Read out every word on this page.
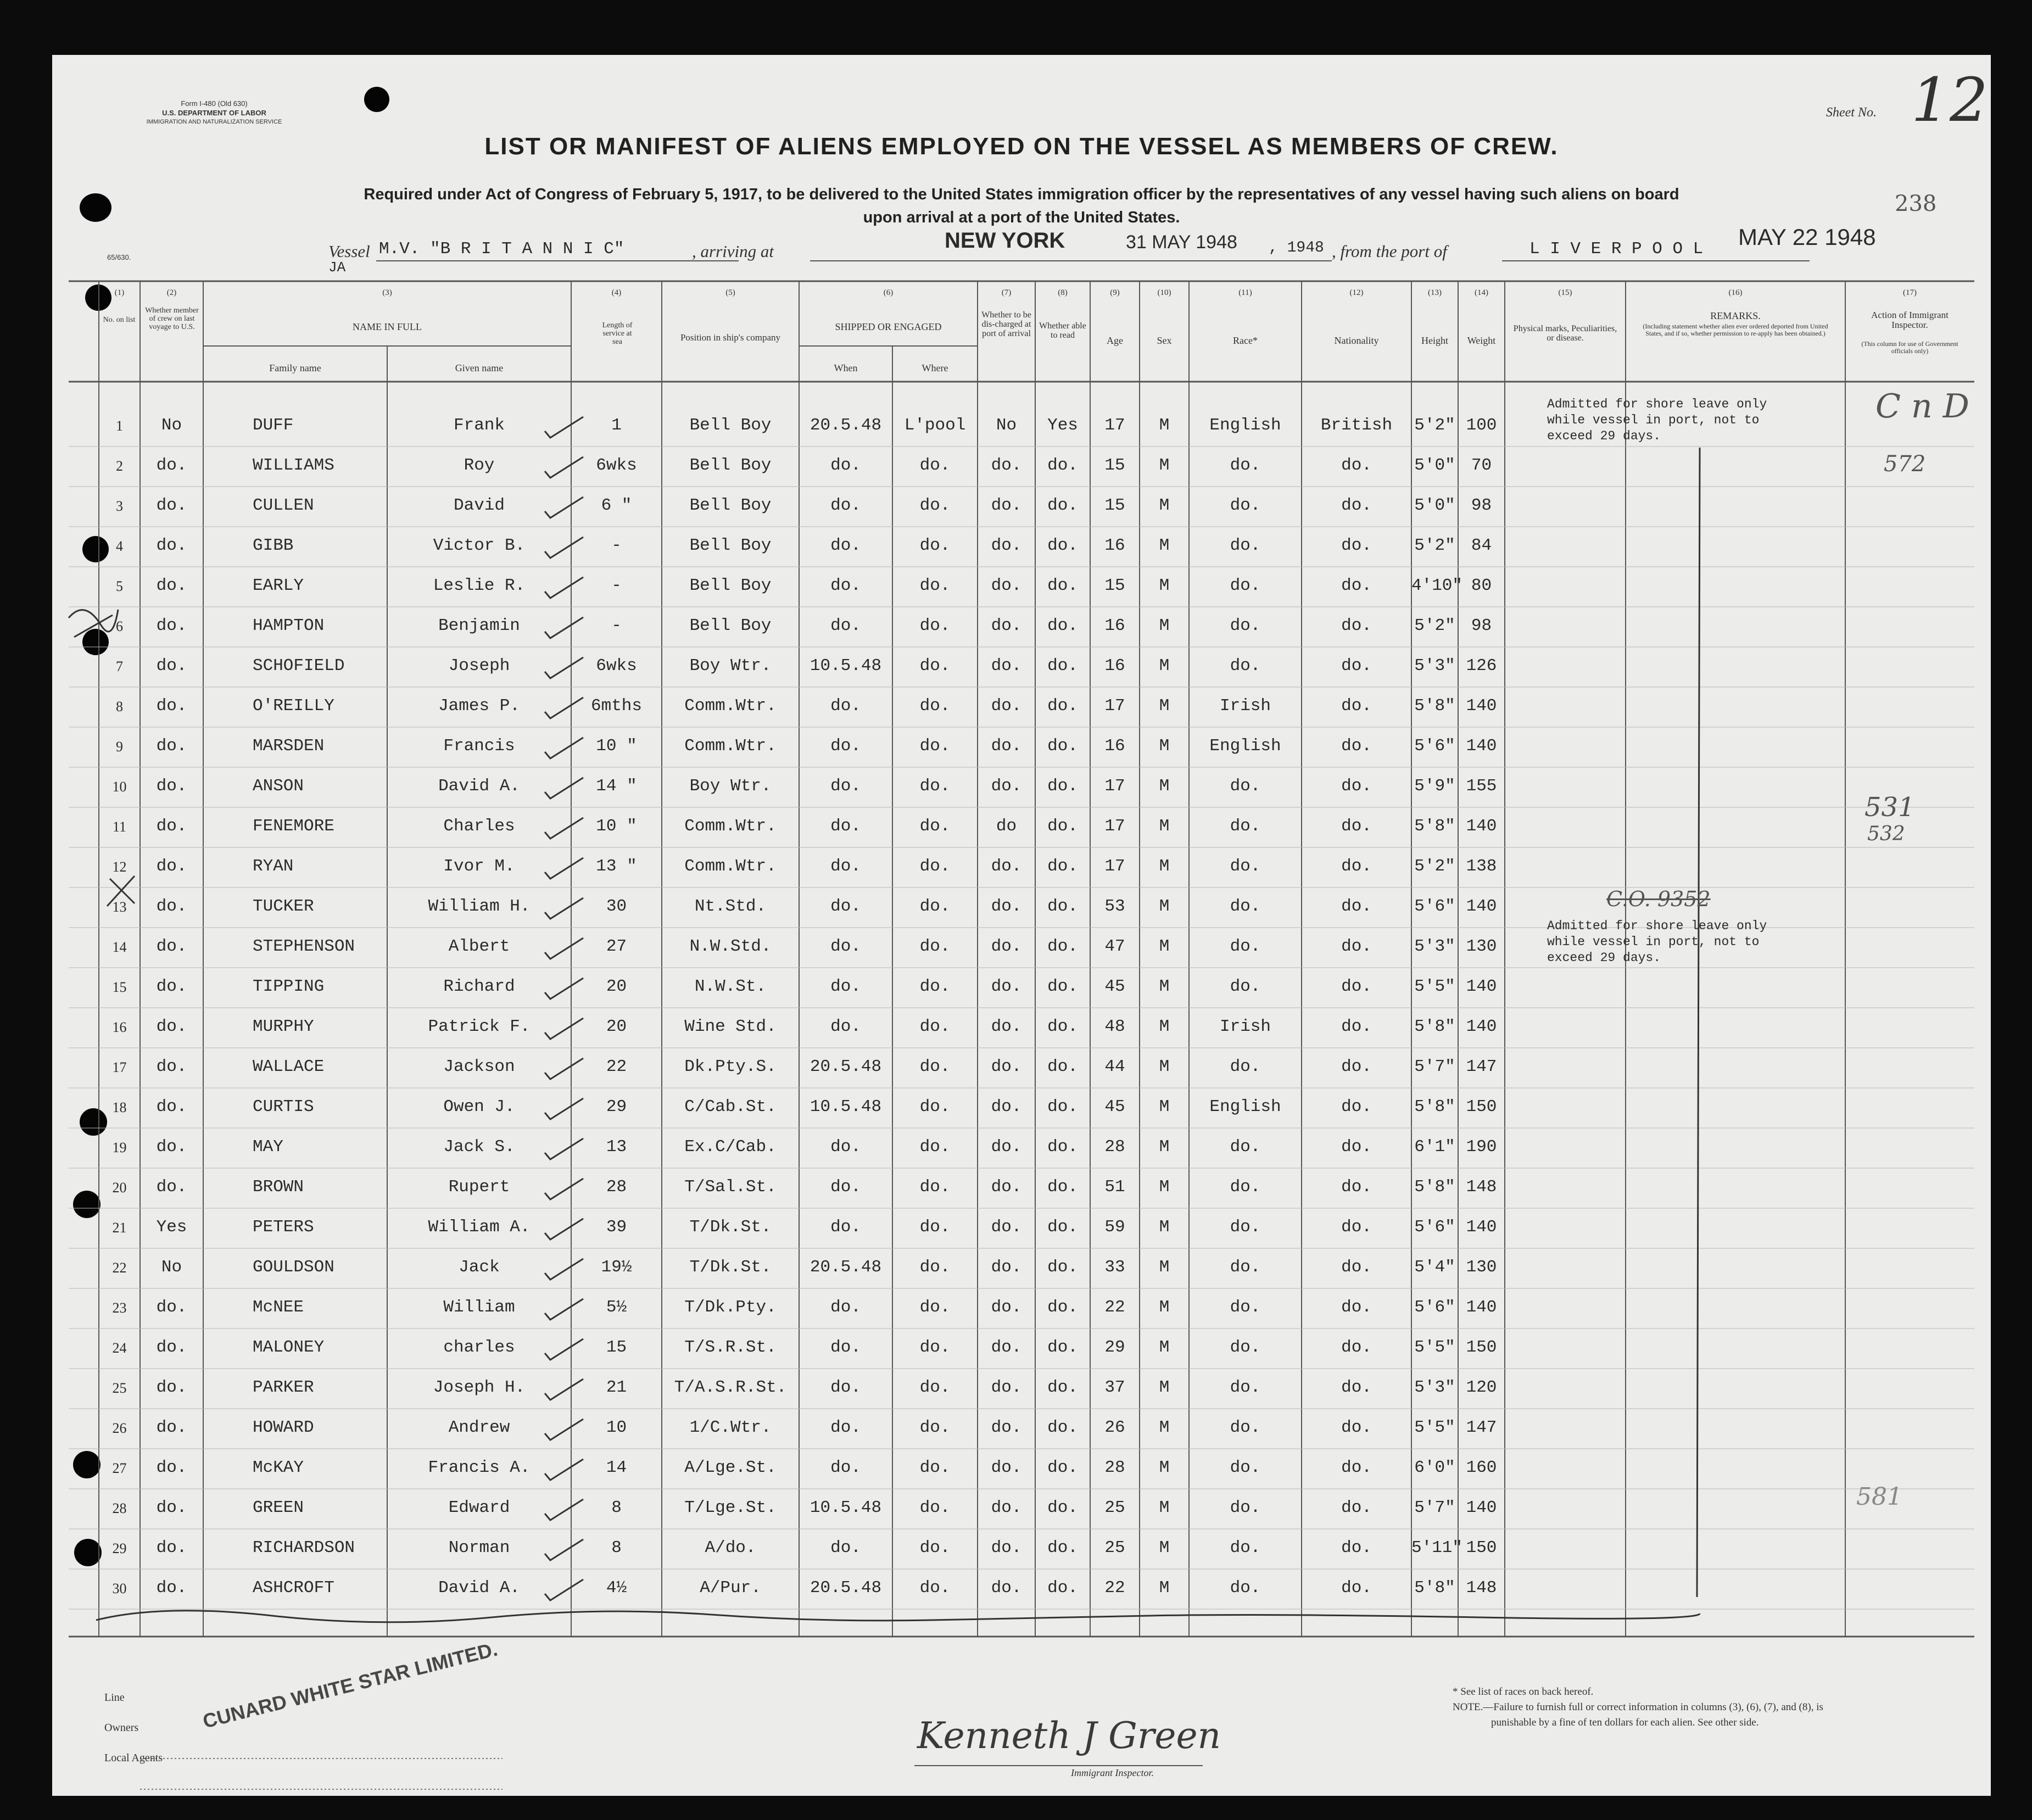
Form I-480 (Old 630)
U.S. DEPARTMENT OF LABOR
IMMIGRATION AND NATURALIZATION SERVICE
65/630.
Sheet No. 12
238
LIST OR MANIFEST OF ALIENS EMPLOYED ON THE VESSEL AS MEMBERS OF CREW.
Required under Act of Congress of February 5, 1917, to be delivered to the United States immigration officer by the representatives of any vessel having such aliens on board
upon arrival at a port of the United States.
Vessel M.V. "B R I T A N N I C"
JA
, arriving at	NEW YORK	31 MAY 1948 , 1948 , from the port of	L I V E R P O O L MAY 22 1948
(1)
No. on list
(2)
Whether member of crew on last voyage to U.S.
(3)
NAME IN FULL
Family name	Given name
(4)
Length of service at sea
(5)
Position in ship's company
(6)
SHIPPED OR ENGAGED
When	Where
(7)
Whether to be dis-charged at port of arrival
(8)
Whether able to read
(9)
Age
(10)
Sex
(11)
Race*
(12)
Nationality
(13)
Height
(14)
Weight
(15)
Physical marks, Peculiarities, or disease.
(16)
REMARKS.
(Including statement whether alien ever ordered deported from United States, and if so, whether permission to re-apply has been obtained.)
(17)
Action of Immigrant Inspector.
(This column for use of Government officials only)
1	No	DUFF	Frank	1	Bell Boy	20.5.48	L'pool	No	Yes	17	M	English	British	5'2" 100
2	do.	WILLIAMS	Roy	6wks	Bell Boy	do.	do.	do.	do.	15	M	do.	do.	5'0" 70
3	do.	CULLEN	David	6 "	Bell Boy	do.	do.	do.	do.	15	M	do.	do.	5'0" 98
4	do.	GIBB	Victor B.	-	Bell Boy	do.	do.	do.	do.	16	M	do.	do.	5'2" 84
5	do.	EARLY	Leslie R.	-	Bell Boy	do.	do.	do.	do.	15	M	do.	do.	4'10" 80
6	do.	HAMPTON	Benjamin	-	Bell Boy	do.	do.	do.	do.	16	M	do.	do.	5'2" 98
7	do.	SCHOFIELD	Joseph	6wks	Boy Wtr.	10.5.48	do.	do.	do.	16	M	do.	do.	5'3" 126
8	do.	O'REILLY	James P.	6mths	Comm.Wtr.	do.	do.	do.	do.	17	M	Irish	do.	5'8" 140
9	do.	MARSDEN	Francis	10 "	Comm.Wtr.	do.	do.	do.	do.	16	M	English	do.	5'6" 140
10	do.	ANSON	David A.	14 "	Boy Wtr.	do.	do.	do.	do.	17	M	do.	do.	5'9" 155
11	do.	FENEMORE	Charles	10 "	Comm.Wtr.	do.	do.	do	do.	17	M	do.	do.	5'8" 140
12	do.	RYAN	Ivor M.	13 "	Comm.Wtr.	do.	do.	do.	do.	17	M	do.	do.	5'2" 138
13	do.	TUCKER	William H.	30	Nt.Std.	do.	do.	do.	do.	53	M	do.	do.	5'6" 140
14	do.	STEPHENSON	Albert	27	N.W.Std.	do.	do.	do.	do.	47	M	do.	do.	5'3" 130
15	do.	TIPPING	Richard	20	N.W.St.	do.	do.	do.	do.	45	M	do.	do.	5'5" 140
16	do.	MURPHY	Patrick F.	20	Wine Std.	do.	do.	do.	do.	48	M	Irish	do.	5'8" 140
17	do.	WALLACE	Jackson	22	Dk.Pty.S.	20.5.48	do.	do.	do.	44	M	do.	do.	5'7" 147
18	do.	CURTIS	Owen J.	29	C/Cab.St.	10.5.48	do.	do.	do.	45	M	English	do.	5'8" 150
19	do.	MAY	Jack S.	13	Ex.C/Cab.	do.	do.	do.	do.	28	M	do.	do.	6'1" 190
20	do.	BROWN	Rupert	28	T/Sal.St.	do.	do.	do.	do.	51	M	do.	do.	5'8" 148
21	Yes	PETERS	William A.	39	T/Dk.St.	do.	do.	do.	do.	59	M	do.	do.	5'6" 140
22	No	GOULDSON	Jack	19½	T/Dk.St.	20.5.48	do.	do.	do.	33	M	do.	do.	5'4" 130
23	do.	McNEE	William	5½	T/Dk.Pty.	do.	do.	do.	do.	22	M	do.	do.	5'6" 140
24	do.	MALONEY	charles	15	T/S.R.St.	do.	do.	do.	do.	29	M	do.	do.	5'5" 150
25	do.	PARKER	Joseph H.	21	T/A.S.R.St.	do.	do.	do.	do.	37	M	do.	do.	5'3" 120
26	do.	HOWARD	Andrew	10	1/C.Wtr.	do.	do.	do.	do.	26	M	do.	do.	5'5" 147
27	do.	McKAY	Francis A.	14	A/Lge.St.	do.	do.	do.	do.	28	M	do.	do.	6'0" 160
28	do.	GREEN	Edward	8	T/Lge.St.	10.5.48	do.	do.	do.	25	M	do.	do.	5'7" 140
29	do.	RICHARDSON	Norman	8	A/do.	do.	do.	do.	do.	25	M	do.	do.	5'11" 150
30	do.	ASHCROFT	David A.	4½	A/Pur.	20.5.48	do.	do.	do.	22	M	do.	do.	5'8" 148
Admitted for shore leave only while vessel in port, not to exceed 29 days.
Admitted for shore leave only while vessel in port, not to exceed 29 days.
C.O. 9352
C n D
572
531
532
581
Line
Owners
Local Agents
CUNARD WHITE STAR LIMITED.
Kenneth J Green
Immigrant Inspector.
* See list of races on back hereof.
NOTE.—Failure to furnish full or correct information in columns (3), (6), (7), and (8), is
punishable by a fine of ten dollars for each alien. See other side.
